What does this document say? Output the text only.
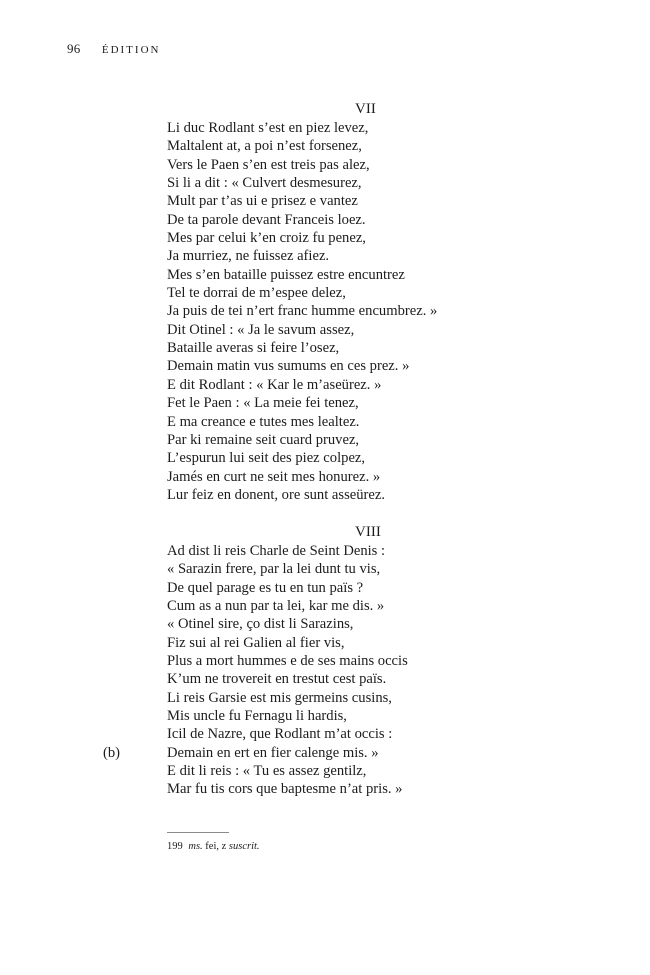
96 ÉDITION
VII
Li duc Rodlant s’est en piez levez,
Maltalent at, a poi n’est forsenez,
Vers le Paen s’en est treis pas alez,
Si li a dit : « Culvert desmesurez,
Mult par t’as ui e prisez e vantez
De ta parole devant Franceis loez.
Mes par celui k’en croiz fu penez,
Ja murriez, ne fuissez afiez.
Mes s’en bataille puissez estre encuntrez
Tel te dorrai de m’espee delez,
Ja puis de tei n’ert franc humme encumbrez. »
Dit Otinel : « Ja le savum assez,
Bataille averas si feire l’osez,
Demain matin vus sumums en ces prez. »
E dit Rodlant : « Kar le m’aseürez. »
Fet le Paen : « La meie fei tenez,
E ma creance e tutes mes lealtez.
Par ki remaine seit cuard pruvez,
L’espurun lui seit des piez colpez,
Jamés en curt ne seit mes honurez. »
Lur feiz en donent, ore sunt asseürez.
VIII
Ad dist li reis Charle de Seint Denis :
« Sarazin frere, par la lei dunt tu vis,
De quel parage es tu en tun païs ?
Cum as a nun par ta lei, kar me dis. »
« Otinel sire, ço dist li Sarazins,
Fiz sui al rei Galien al fier vis,
Plus a mort hummes e de ses mains occis
K’um ne trovereit en trestut cest païs.
Li reis Garsie est mis germeins cusins,
Mis uncle fu Fernagu li hardis,
Icil de Nazre, que Rodlant m’at occis :
(b)	Demain en ert en fier calenge mis. »
E dit li reis : « Tu es assez gentilz,
Mar fu tis cors que baptesme n’at pris. »
199 ms. fei, z suscrit.
